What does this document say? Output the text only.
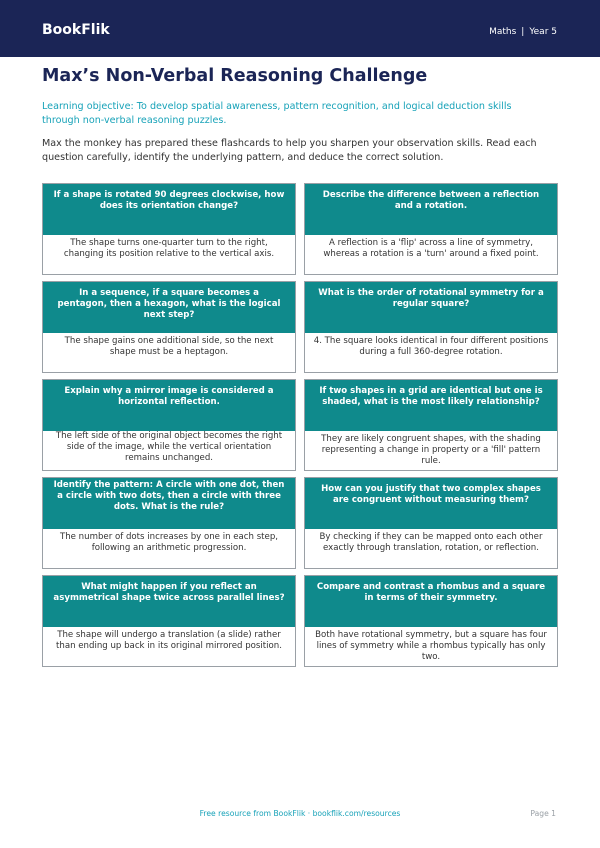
BookFlik	Maths | Year 5
Max’s Non-Verbal Reasoning Challenge

Learning objective: To develop spatial awareness, pattern recognition, and logical deduction skills through non-verbal reasoning puzzles.

Max the monkey has prepared these flashcards to help you sharpen your observation skills. Read each question carefully, identify the underlying pattern, and deduce the correct solution.

If a shape is rotated 90 degrees clockwise, how does its orientation change?
The shape turns one-quarter turn to the right, changing its position relative to the vertical axis.
Describe the difference between a reflection and a rotation.
A reflection is a 'flip' across a line of symmetry, whereas a rotation is a 'turn' around a fixed point.
In a sequence, if a square becomes a pentagon, then a hexagon, what is the logical next step?
The shape gains one additional side, so the next shape must be a heptagon.
What is the order of rotational symmetry for a regular square?
4. The square looks identical in four different positions during a full 360-degree rotation.
Explain why a mirror image is considered a horizontal reflection.
The left side of the original object becomes the right side of the image, while the vertical orientation remains unchanged.
If two shapes in a grid are identical but one is shaded, what is the most likely relationship?
They are likely congruent shapes, with the shading representing a change in property or a 'fill' pattern rule.
Identify the pattern: A circle with one dot, then a circle with two dots, then a circle with three dots. What is the rule?
The number of dots increases by one in each step, following an arithmetic progression.
How can you justify that two complex shapes are congruent without measuring them?
By checking if they can be mapped onto each other exactly through translation, rotation, or reflection.
What might happen if you reflect an asymmetrical shape twice across parallel lines?
The shape will undergo a translation (a slide) rather than ending up back in its original mirrored position.
Compare and contrast a rhombus and a square in terms of their symmetry.
Both have rotational symmetry, but a square has four lines of symmetry while a rhombus typically has only two.
Free resource from BookFlik · bookflik.com/resources	Page 1
